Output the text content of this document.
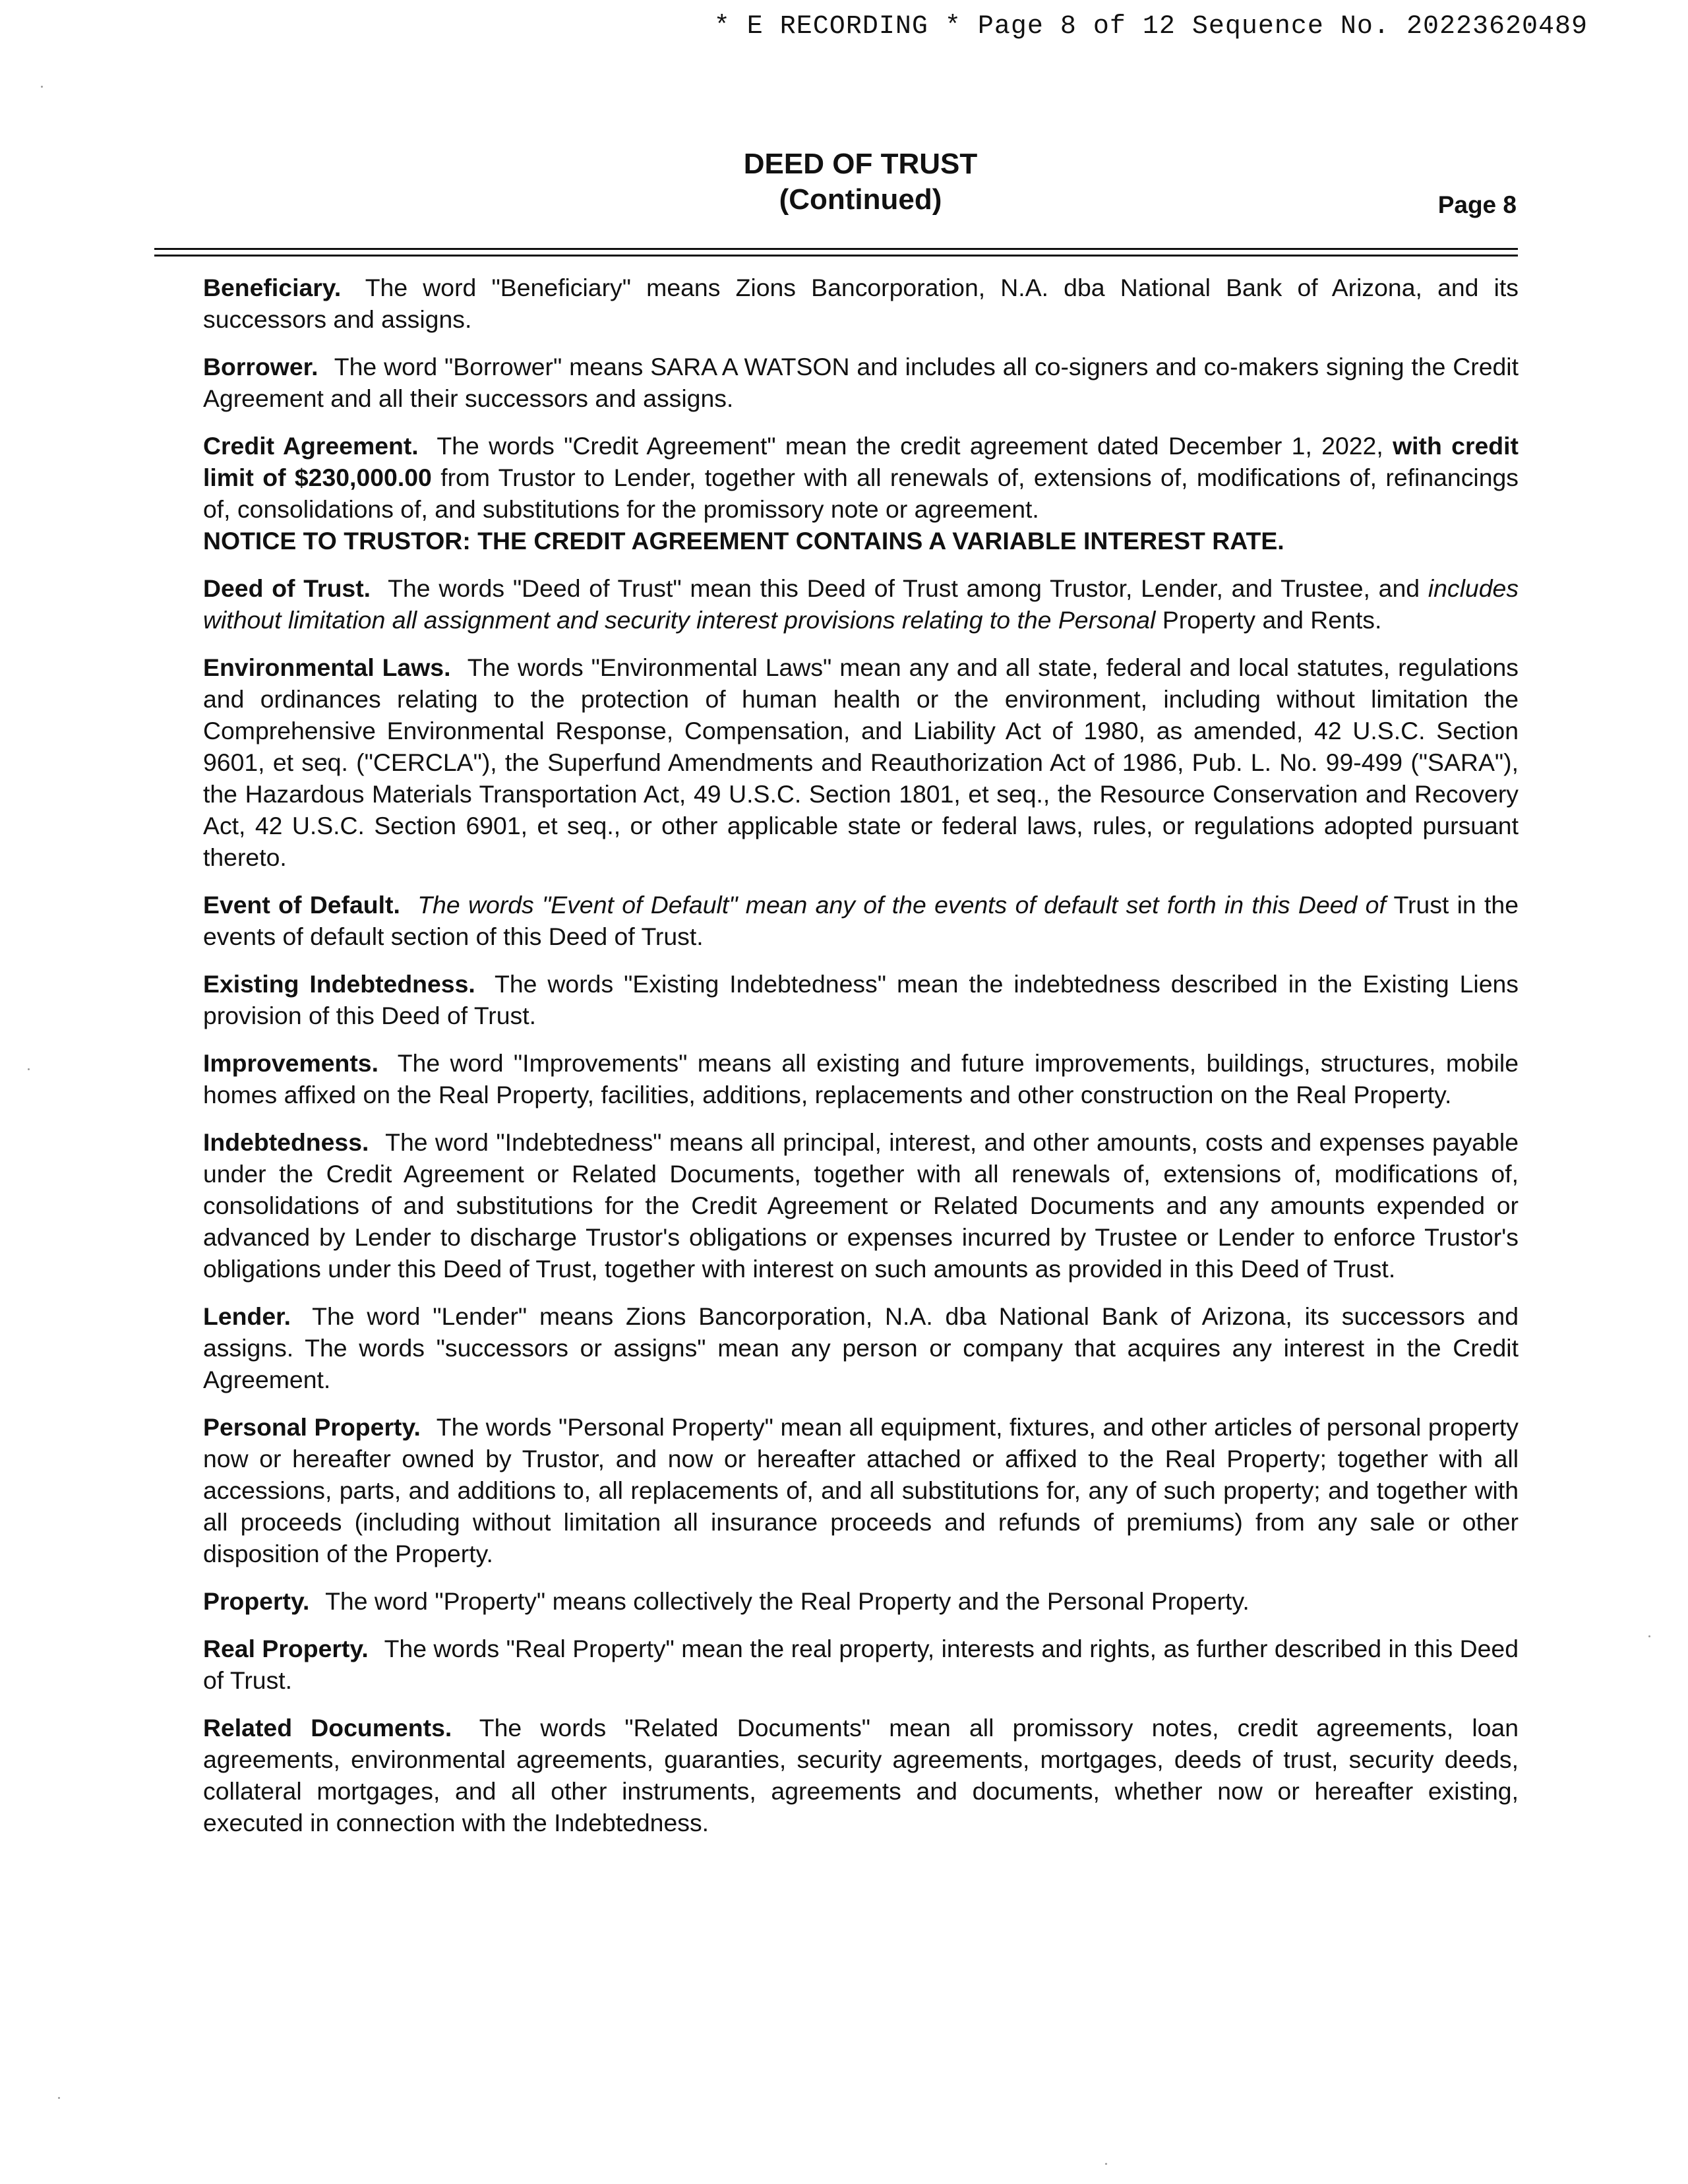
* E RECORDING * Page 8 of 12 Sequence No. 20223620489
DEED OF TRUST
(Continued)	Page 8

Beneficiary. The word "Beneficiary" means Zions Bancorporation, N.A. dba National Bank of Arizona, and its successors and assigns.

Borrower. The word "Borrower" means SARA A WATSON and includes all co-signers and co-makers signing the Credit Agreement and all their successors and assigns.

Credit Agreement. The words "Credit Agreement" mean the credit agreement dated December 1, 2022, with credit limit of $230,000.00 from Trustor to Lender, together with all renewals of, extensions of, modifications of, refinancings of, consolidations of, and substitutions for the promissory note or agreement.
NOTICE TO TRUSTOR: THE CREDIT AGREEMENT CONTAINS A VARIABLE INTEREST RATE.

Deed of Trust. The words "Deed of Trust" mean this Deed of Trust among Trustor, Lender, and Trustee, and includes without limitation all assignment and security interest provisions relating to the Personal Property and Rents.

Environmental Laws. The words "Environmental Laws" mean any and all state, federal and local statutes, regulations and ordinances relating to the protection of human health or the environment, including without limitation the Comprehensive Environmental Response, Compensation, and Liability Act of 1980, as amended, 42 U.S.C. Section 9601, et seq. ("CERCLA"), the Superfund Amendments and Reauthorization Act of 1986, Pub. L. No. 99-499 ("SARA"), the Hazardous Materials Transportation Act, 49 U.S.C. Section 1801, et seq., the Resource Conservation and Recovery Act, 42 U.S.C. Section 6901, et seq., or other applicable state or federal laws, rules, or regulations adopted pursuant thereto.

Event of Default. The words "Event of Default" mean any of the events of default set forth in this Deed of Trust in the events of default section of this Deed of Trust.

Existing Indebtedness. The words "Existing Indebtedness" mean the indebtedness described in the Existing Liens provision of this Deed of Trust.

Improvements. The word "Improvements" means all existing and future improvements, buildings, structures, mobile homes affixed on the Real Property, facilities, additions, replacements and other construction on the Real Property.

Indebtedness. The word "Indebtedness" means all principal, interest, and other amounts, costs and expenses payable under the Credit Agreement or Related Documents, together with all renewals of, extensions of, modifications of, consolidations of and substitutions for the Credit Agreement or Related Documents and any amounts expended or advanced by Lender to discharge Trustor's obligations or expenses incurred by Trustee or Lender to enforce Trustor's obligations under this Deed of Trust, together with interest on such amounts as provided in this Deed of Trust.

Lender. The word "Lender" means Zions Bancorporation, N.A. dba National Bank of Arizona, its successors and assigns. The words "successors or assigns" mean any person or company that acquires any interest in the Credit Agreement.

Personal Property. The words "Personal Property" mean all equipment, fixtures, and other articles of personal property now or hereafter owned by Trustor, and now or hereafter attached or affixed to the Real Property; together with all accessions, parts, and additions to, all replacements of, and all substitutions for, any of such property; and together with all proceeds (including without limitation all insurance proceeds and refunds of premiums) from any sale or other disposition of the Property.

Property. The word "Property" means collectively the Real Property and the Personal Property.

Real Property. The words "Real Property" mean the real property, interests and rights, as further described in this Deed of Trust.

Related Documents. The words "Related Documents" mean all promissory notes, credit agreements, loan agreements, environmental agreements, guaranties, security agreements, mortgages, deeds of trust, security deeds, collateral mortgages, and all other instruments, agreements and documents, whether now or hereafter existing, executed in connection with the Indebtedness.
